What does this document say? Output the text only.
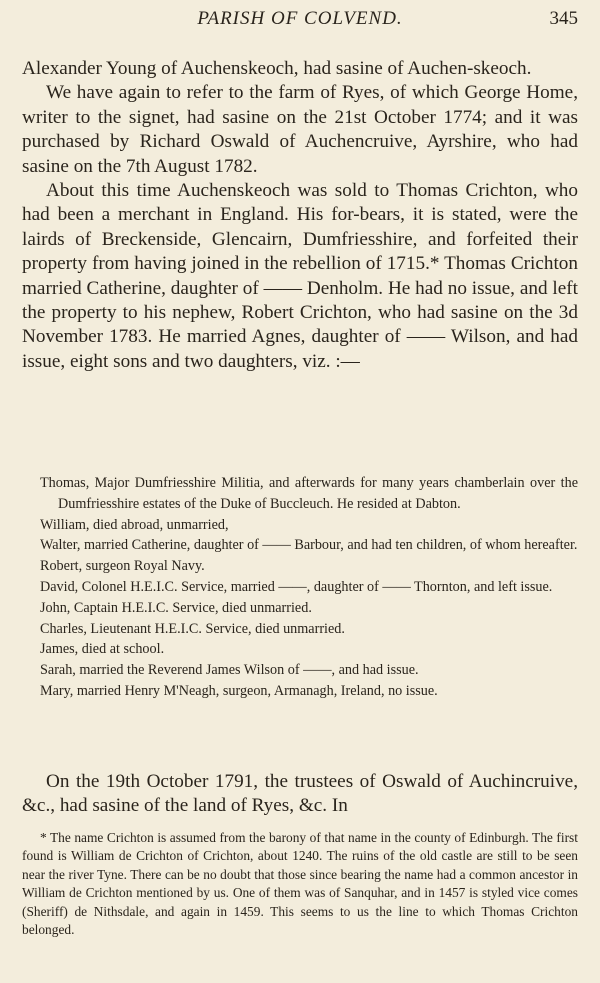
PARISH OF COLVEND.	345

Alexander Young of Auchenskeoch, had sasine of Auchen-skeoch.

We have again to refer to the farm of Ryes, of which George Home, writer to the signet, had sasine on the 21st October 1774; and it was purchased by Richard Oswald of Auchencruive, Ayrshire, who had sasine on the 7th August 1782.

About this time Auchenskeoch was sold to Thomas Crichton, who had been a merchant in England. His for-bears, it is stated, were the lairds of Breckenside, Glencairn, Dumfriesshire, and forfeited their property from having joined in the rebellion of 1715.* Thomas Crichton married Catherine, daughter of —— Denholm. He had no issue, and left the property to his nephew, Robert Crichton, who had sasine on the 3d November 1783. He married Agnes, daughter of —— Wilson, and had issue, eight sons and two daughters, viz. :—

Thomas, Major Dumfriesshire Militia, and afterwards for many years chamberlain over the Dumfriesshire estates of the Duke of Buccleuch. He resided at Dabton.

William, died abroad, unmarried,

Walter, married Catherine, daughter of —— Barbour, and had ten children, of whom hereafter.

Robert, surgeon Royal Navy.

David, Colonel H.E.I.C. Service, married ——, daughter of —— Thornton, and left issue.

John, Captain H.E.I.C. Service, died unmarried.

Charles, Lieutenant H.E.I.C. Service, died unmarried.

James, died at school.

Sarah, married the Reverend James Wilson of ——, and had issue.

Mary, married Henry M'Neagh, surgeon, Armanagh, Ireland, no issue.

On the 19th October 1791, the trustees of Oswald of Auchincruive, &c., had sasine of the land of Ryes, &c. In

* The name Crichton is assumed from the barony of that name in the county of Edinburgh. The first found is William de Crichton of Crichton, about 1240. The ruins of the old castle are still to be seen near the river Tyne. There can be no doubt that those since bearing the name had a common ancestor in William de Crichton mentioned by us. One of them was of Sanquhar, and in 1457 is styled vice comes (Sheriff) de Nithsdale, and again in 1459. This seems to us the line to which Thomas Crichton belonged.
